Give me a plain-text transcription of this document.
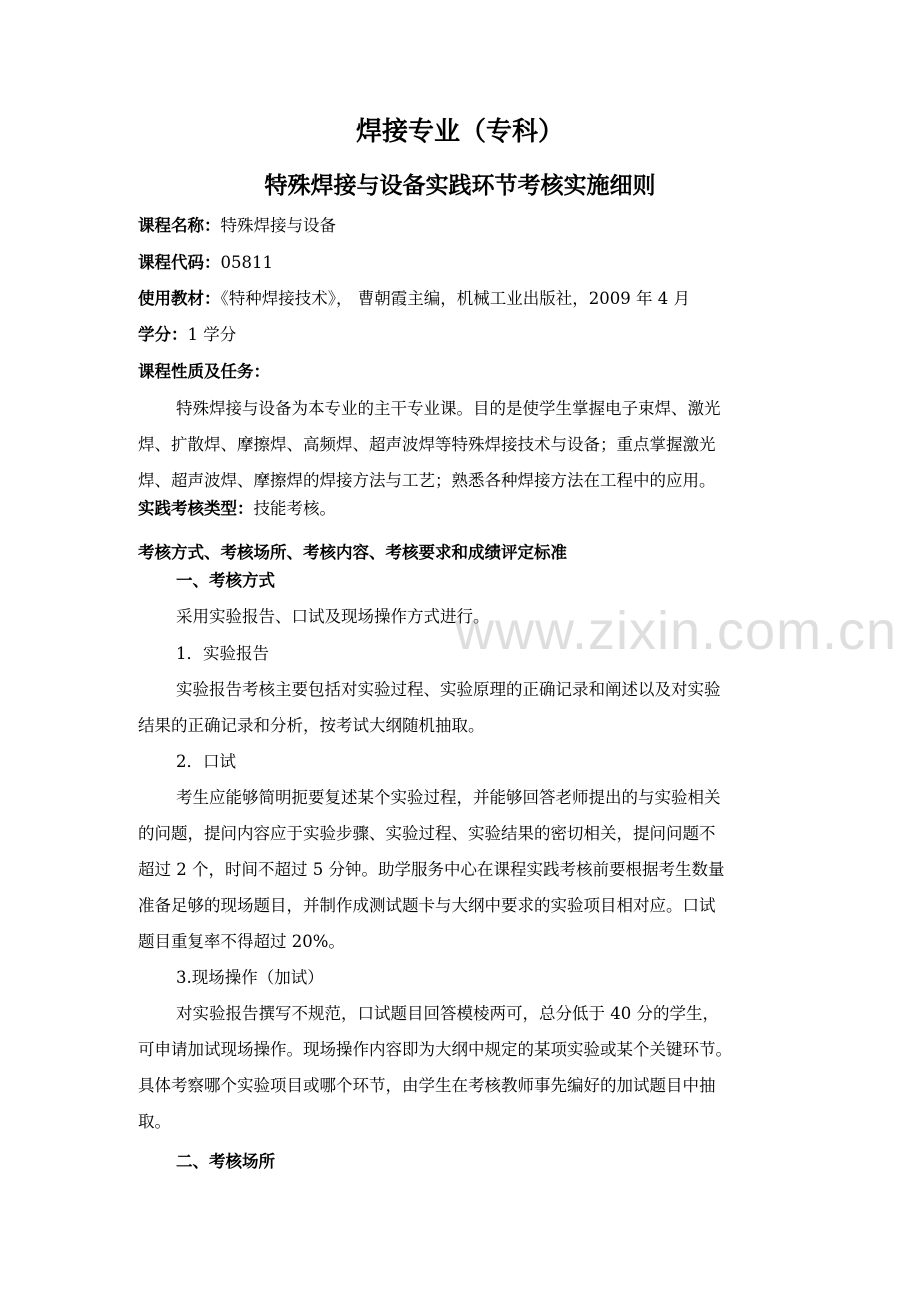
焊接专业（专科）
特殊焊接与设备实践环节考核实施细则
课程名称：特殊焊接与设备
课程代码：05811
使用教材：《特种焊接技术》， 曹朝霞主编，机械工业出版社，2009 年 4 月
学分：1 学分
课程性质及任务：
特殊焊接与设备为本专业的主干专业课。目的是使学生掌握电子束焊、激光
焊、扩散焊、摩擦焊、高频焊、超声波焊等特殊焊接技术与设备；重点掌握激光
焊、超声波焊、摩擦焊的焊接方法与工艺；熟悉各种焊接方法在工程中的应用。
实践考核类型：技能考核。
考核方式、考核场所、考核内容、考核要求和成绩评定标准
一、考核方式
采用实验报告、口试及现场操作方式进行。
1．实验报告
实验报告考核主要包括对实验过程、实验原理的正确记录和阐述以及对实验
结果的正确记录和分析，按考试大纲随机抽取。
2．口试
考生应能够简明扼要复述某个实验过程，并能够回答老师提出的与实验相关
的问题，提问内容应于实验步骤、实验过程、实验结果的密切相关，提问问题不
超过 2 个，时间不超过 5 分钟。助学服务中心在课程实践考核前要根据考生数量
准备足够的现场题目，并制作成测试题卡与大纲中要求的实验项目相对应。口试
题目重复率不得超过 20%。
3.现场操作（加试）
对实验报告撰写不规范，口试题目回答模棱两可，总分低于 40 分的学生，
可申请加试现场操作。现场操作内容即为大纲中规定的某项实验或某个关键环节。
具体考察哪个实验项目或哪个环节，由学生在考核教师事先编好的加试题目中抽
取。
二、考核场所
www.zixin.com.cn
